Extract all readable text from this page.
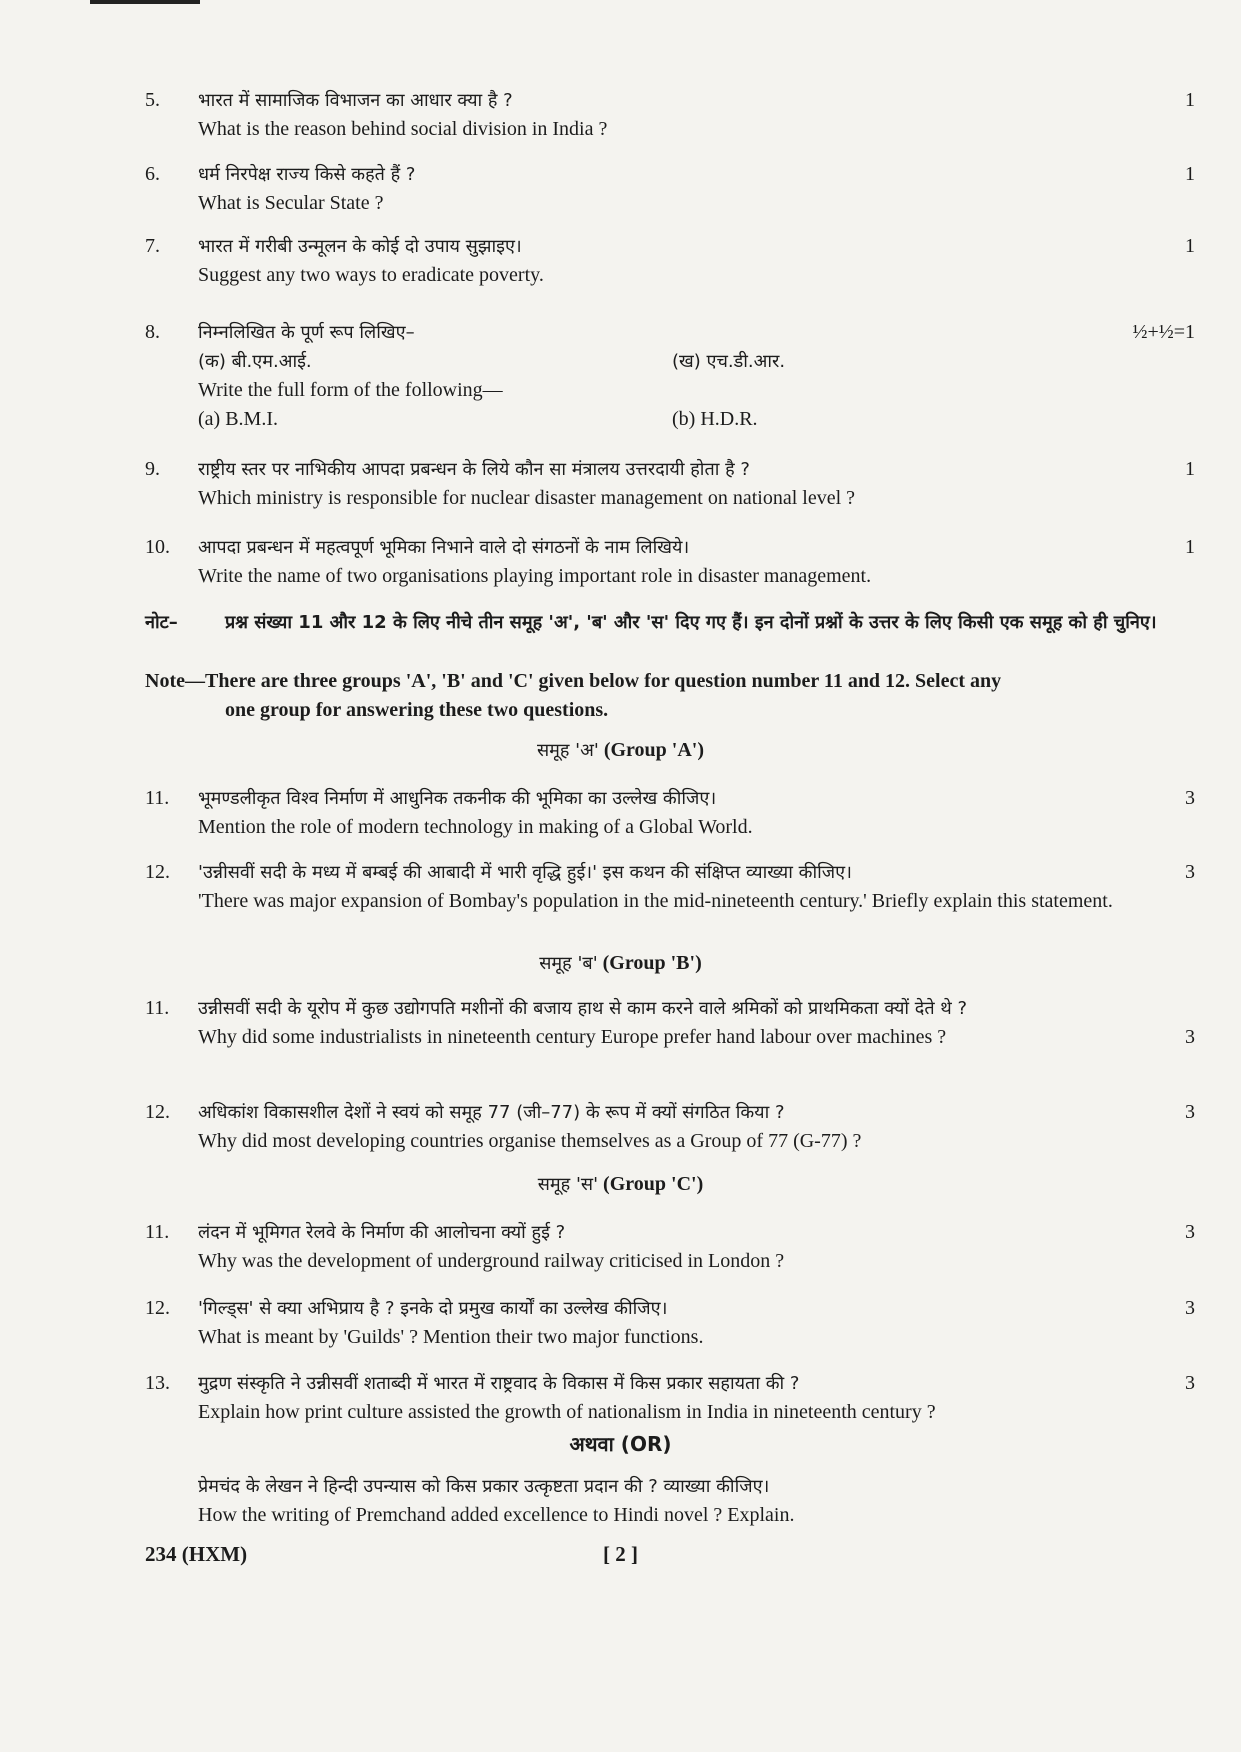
5.	भारत में सामाजिक विभाजन का आधार क्या है ?
What is the reason behind social division in India ?
1
6.	धर्म निरपेक्ष राज्य किसे कहते हैं ?
What is Secular State ?
1
7.	भारत में गरीबी उन्मूलन के कोई दो उपाय सुझाइए।
Suggest any two ways to eradicate poverty.
1
8.	निम्नलिखित के पूर्ण रूप लिखिए–
(क) बी.एम.आई.	(ख) एच.डी.आर.
Write the full form of the following—
(a) B.M.I.	(b) H.D.R.
½+½=1
9.	राष्ट्रीय स्तर पर नाभिकीय आपदा प्रबन्धन के लिये कौन सा मंत्रालय उत्तरदायी होता है ?
Which ministry is responsible for nuclear disaster management on national level ?
1
10.	आपदा प्रबन्धन में महत्वपूर्ण भूमिका निभाने वाले दो संगठनों के नाम लिखिये।
Write the name of two organisations playing important role in disaster management.
1
नोट–	प्रश्न संख्या 11 और 12 के लिए नीचे तीन समूह 'अ', 'ब' और 'स' दिए गए हैं। इन दोनों प्रश्नों के उत्तर के लिए किसी एक समूह को ही चुनिए।
Note—There are three groups 'A', 'B' and 'C' given below for question number 11 and 12. Select any
one group for answering these two questions.
समूह 'अ' (Group 'A')
11.	भूमण्डलीकृत विश्व निर्माण में आधुनिक तकनीक की भूमिका का उल्लेख कीजिए।
Mention the role of modern technology in making of a Global World.
3
12.	'उन्नीसवीं सदी के मध्य में बम्बई की आबादी में भारी वृद्धि हुई।' इस कथन की संक्षिप्त व्याख्या कीजिए।
'There was major expansion of Bombay's population in the mid-nineteenth century.' Briefly explain this statement.
3
समूह 'ब' (Group 'B')
11.	उन्नीसवीं सदी के यूरोप में कुछ उद्योगपति मशीनों की बजाय हाथ से काम करने वाले श्रमिकों को प्राथमिकता क्यों देते थे ?
Why did some industrialists in nineteenth century Europe prefer hand labour over machines ?	3
12.	अधिकांश विकासशील देशों ने स्वयं को समूह 77 (जी–77) के रूप में क्यों संगठित किया ?
Why did most developing countries organise themselves as a Group of 77 (G-77) ?
3
समूह 'स' (Group 'C')
11.	लंदन में भूमिगत रेलवे के निर्माण की आलोचना क्यों हुई ?
Why was the development of underground railway criticised in London ?
3
12.	'गिल्ड्स' से क्या अभिप्राय है ? इनके दो प्रमुख कार्यों का उल्लेख कीजिए।
What is meant by 'Guilds' ? Mention their two major functions.
3
13.	मुद्रण संस्कृति ने उन्नीसवीं शताब्दी में भारत में राष्ट्रवाद के विकास में किस प्रकार सहायता की ?
Explain how print culture assisted the growth of nationalism in India in nineteenth century ?
3
अथवा (OR)
प्रेमचंद के लेखन ने हिन्दी उपन्यास को किस प्रकार उत्कृष्टता प्रदान की ? व्याख्या कीजिए।
How the writing of Premchand added excellence to Hindi novel ? Explain.
234 (HXM)	[ 2 ]
